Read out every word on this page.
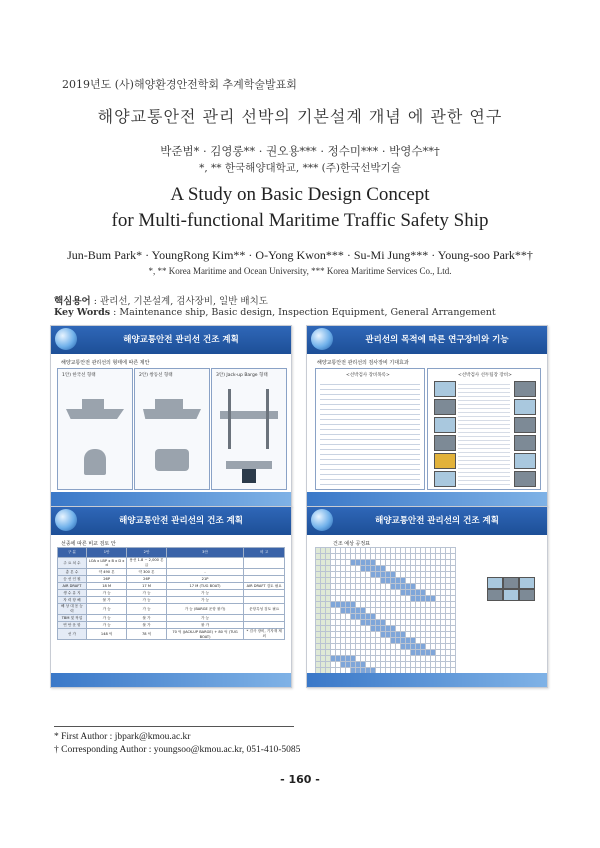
2019년도 (사)해양환경안전학회 추계학술발표회
해양교통안전 관리 선박의 기본설계 개념 에 관한 연구
박준범* · 김영롱** · 권오용*** · 정수미*** · 박영수**†
*, ** 한국해양대학교, *** (주)한국선박기술
A Study on Basic Design Concept
for Multi-functional Maritime Traffic Safety Ship
Jun-Bum Park* · YoungRong Kim** · O-Yong Kwon*** · Su-Mi Jung*** · Young-soo Park**†
*, ** Korea Maritime and Ocean University, *** Korea Maritime Services Co., Ltd.
핵심용어 : 관리선, 기본설계, 검사장비, 일반 배치도
Key Words : Maintenance ship, Basic design, Inspection Equipment, General Arrangement
해양교통안전 관리선 건조 계획
해양교통안전 관리선의 형태에 따른 제안
1안) 한국선 형태	2안) 쌍동선 형태	3안) Jack-up Barge 형태
관리선의 목적에 따른 연구장비와 기능
해양교통안전 관리선의 검사장비 기대효과
<선박검사 장비목록>	<선박검사 선두팀장 장비>
해양교통안전 관리선의 건조 계획
선종에 따른 비교 검토 안
구 분	1안	2안	3안	비 고
주 요 치 수	LOA x LBP x B x D x d	용선 1.8 ~ 2,000 톤급		
총 톤 수	약 490 톤	약 300 톤	-	
승 선 인 원	26P	26P	21P	
AIR DRAFT	18 M	17 M	17 M (TUG BOAT)	AIR DRAFT 검토 필요
생 수 유 지	가 능	가 능	가 능	
자 력 항 해	불 가	가 능	가 능	
해 상 대 응 능 력	가 능	가 능	가 능 (BARGE 운항 불가)	운항특성 검토 필요
TBM 및 작업	가 능	불 가	가 능	
연 안 운 항	가 능	불 가	불 가	
선 가	148 억	78 억	70 억 (JACK-UP BARGE) + 80 억 (TUG BOAT)	* 검사 장비, 기자재 제외
해양교통안전 관리선의 건조 계획
건조 예상 공정표

* First Author : jbpark@kmou.ac.kr
† Corresponding Author : youngsoo@kmou.ac.kr, 051-410-5085
- 160 -
